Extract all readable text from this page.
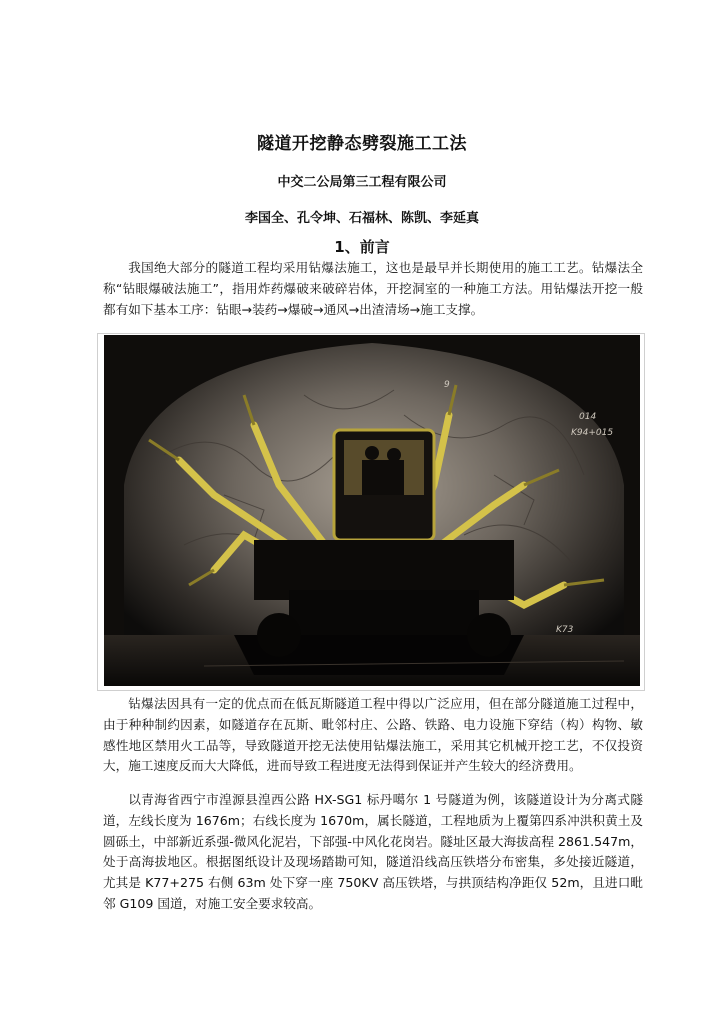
隧道开挖静态劈裂施工工法
中交二公局第三工程有限公司
李国全、孔令坤、石福林、陈凯、李延真
1、前言

我国绝大部分的隧道工程均采用钻爆法施工，这也是最早并长期使用的施工工艺。钻爆法全称“钻眼爆破法施工”，指用炸药爆破来破碎岩体，开挖洞室的一种施工方法。用钻爆法开挖一般都有如下基本工序：钻眼→装药→爆破→通风→出渣清场→施工支撑。

014
K94+015
K73
9

钻爆法因具有一定的优点而在低瓦斯隧道工程中得以广泛应用，但在部分隧道施工过程中，由于种种制约因素，如隧道存在瓦斯、毗邻村庄、公路、铁路、电力设施下穿结（构）构物、敏感性地区禁用火工品等，导致隧道开挖无法使用钻爆法施工，采用其它机械开挖工艺，不仅投资大，施工速度反而大大降低，进而导致工程进度无法得到保证并产生较大的经济费用。

以青海省西宁市湟源县湟西公路 HX-SG1 标丹噶尔 1 号隧道为例，该隧道设计为分离式隧道，左线长度为 1676m；右线长度为 1670m，属长隧道，工程地质为上覆第四系冲洪积黄土及圆砾土，中部新近系强-微风化泥岩，下部强-中风化花岗岩。隧址区最大海拔高程 2861.547m，处于高海拔地区。根据图纸设计及现场踏勘可知，隧道沿线高压铁塔分布密集，多处接近隧道，尤其是 K77+275 右侧 63m 处下穿一座 750KV 高压铁塔，与拱顶结构净距仅 52m，且进口毗邻 G109 国道，对施工安全要求较高。
